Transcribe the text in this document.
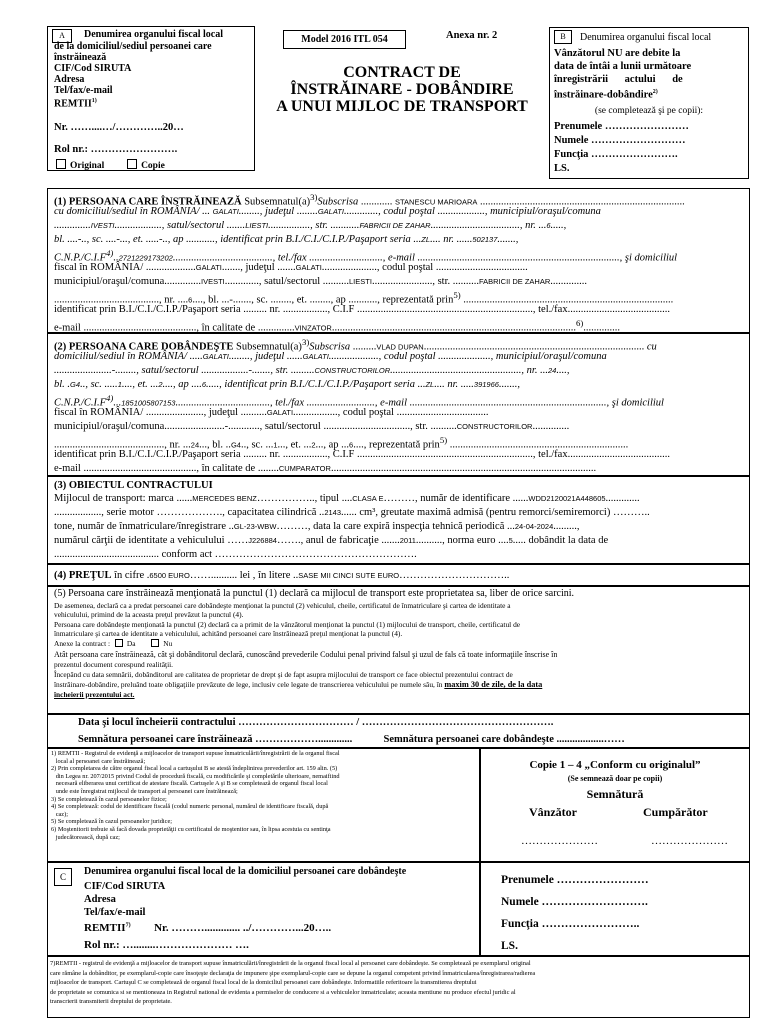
A	Denumirea organului fiscal local
de la domiciliul/sediul persoanei care
înstrăinează
CIF/Cod SIRUTA
Adresa
Tel/fax/e-mail
REMTII$^{1)}$
Nr. ……....…/…………..20…
Rol nr.: …………………….
Original	Copie
Model 2016 ITL 054	Anexa nr. 2
CONTRACT DE
ÎNSTRĂINARE - DOBÂNDIRE
A UNUI MIJLOC DE TRANSPORT
B	Denumirea organului fiscal local
Vânzătorul NU are debite la
data de întâi a lunii următoare
înregistrării actului de
înstrăinare-dobândire$^{2)}$
(se completează şi pe copii):
Prenumele ……………………
Numele ………………………
Funcţia …………………….
LS.
(1) PERSOANA CARE ÎNSTRĂINEAZĂ $Subsemnatul(a)^{3)}Subscrisa$ ............ STANESCU MARIOARA ..............................................................................
cu domiciliul/sediul în ROMÂNIA/ ... GALATI........, judeţul ........GALATI............., codul poştal .................., municipiul/oraşul/comuna
..............IVESTI.................., satul/sectorul .......LIESTI................, str. ...........FABRICII DE ZAHAR.................................., nr. ...6.....,
bl. ....-.., sc. ....-..., et. .....-.., ap ..........., identificat prin B.I./C.I./C.I.P./Paşaport seria ...ZL.... nr. ......502137.......,
$C.N.P./C.I.F^{4)}..2721229173202$......................................, tel./fax ............................, e-mail ............................................................................., şi domiciliul
fiscal în ROMÂNIA/ ...................GALATI......., judeţul .......GALATI....................., codul poştal ...................................
municipiul/oraşul/comuna..............IVESTI............., satul/sectorul ..........LIESTI......................., str. ..........FABRICII DE ZAHAR..............
........................................, nr. ....6...., bl. ...-......., sc. ........, et. ........, ap ..........., reprezentată prin$^{5)}$ ................................................................................
identificat prin B.I./C.I./C.I.P./Paşaport seria ......... nr. ................., C.I.F ..................................................................., tel./fax.......................................
e-mail ..........................................., în calitate de ..............VINZATOR.............................................................................................$^{6)}$..............
(2) PERSOANA CARE DOBÂNDEŞTE $Subsemnatul(a)^{3)}Subscrisa$ .........VLAD DUPAN.................................................................................... cu
domiciliul/sediul în ROMÂNIA/ .....GALATI........, judeţul ......GALATI..................., codul poştal ...................., municipiul/oraşul/comuna
......................-........, satul/sectorul ..................-......., str. .........CONSTRUCTORILOR.................................................., nr. ...24....,
bl. .G4.., sc. .....1...., et. ...2...., ap ....6....., identificat prin B.I./C.I./C.I.P./Paşaport seria ...ZL.... nr. .....391966.......,
$C.N.P./C.I.F^{4)}...1851005807153$...................................., tel./fax .........................., e-mail ..........................................................................., şi domiciliul
fiscal în ROMÂNIA/ ......................, judeţul ..........GALATI................., codul poştal ...................................
municipiul/oraşul/comuna.......................-............, satul/sectorul ................................., str. ..........CONSTRUCTORILOR..............
.........................................., nr. ...24..., bl. ..G4.., sc. ...1..., et. ...2..., ap ...6...., reprezentată prin$^{5)}$ ....................................................................
identificat prin B.I./C.I./C.I.P./Paşaport seria ......... nr. ................., C.I.F ..................................................................., tel./fax.......................................
e-mail ..........................................., în calitate de ........CUMPARATOR.....................................................................................................
(3) OBIECTUL CONTRACTULUI
Mijlocul de transport: marca ......MERCEDES BENZ…………….., tipul ....CLASA E………, număr de identificare ......WDD2120021A448605.............
.................., serie motor ………………., capacitatea cilindrică ..2143...... cm³, greutate maximă admisă (pentru remorci/semiremorci) ………..
tone, număr de înmatriculare/înregistrare ..GL-23-WBW………, data la care expiră inspecţia tehnică periodică ...24-04-2024.........,
numărul cărţii de identitate a vehiculului ……J226884……., anul de fabricaţie .......2011.........., norma euro ....5..... dobândit la data de
........................................ conform act ………………………………………………….
(4) PREŢUL în cifre .6500 EURO…….......... lei , în litere ..SASE MII CINCI SUTE EURO…………………………..
(5) Persoana care înstrăinează menţionată la punctul (1) declară ca mijlocul de transport este proprietatea sa, liber de orice sarcini.
De asemenea, declară ca a predat persoanei care dobândeşte menţionat la punctul (2) vehiculul, cheile, certificatul de înmatriculare şi cartea de identitate a
vehiculului, primind de la aceasta preţul prevăzut la punctul (4).
Persoana care dobândeşte menţionată la punctul (2) declară ca a primit de la vânzătorul menţionat la punctul (1) mijlocului de transport, cheile, certificatul de
înmatriculare şi cartea de identitate a vehiculului, achitând persoanei care înstrăinează preţul menţionat la punctul (4).
Anexe la contract : Da	Nu
Atât persoana care înstrăinează, cât şi dobânditorul declară, cunoscând prevederile Codului penal privind falsul şi uzul de fals că toate informaţiile înscrise în
prezentul document corespund realităţii.
Începând cu data semnării, dobânditorul are calitatea de proprietar de drept şi de fapt asupra mijlocului de transport ce face obiectul prezentului contract de
înstrăinare-dobândire, preluând toate obligaţiile prevăzute de lege, inclusiv cele legate de transcrierea vehiculului pe numele său, în maxim 30 de zile, de la data
încheierii prezentului act.
Data şi locul încheierii contractului …………………………… / ……………………………………………….
Semnătura persoanei care înstrăinează ……………….............	Semnătura persoanei care dobândeşte ..................……
1) REMTII - Registrul de evidenţă a mijloacelor de transport supuse înmatriculării/înregistrării de la organul fiscal
local al persoanei care înstrăinează;
2) Prin completarea de către organul fiscal local a cartuşului B se atestă îndeplinirea prevederilor art. 159 alin. (5)
din Legea nr. 207/2015 privind Codul de procedură fiscală, cu modificările şi completările ulterioare, nemaifiind
necesară eliberarea unui certificat de atestare fiscală. Cartuşele A şi B se completează de organul fiscal local
unde este înregistrat mijlocul de transport al persoanei care înstrăinează;
3) Se completează în cazul persoanelor fizice;
4) Se completează: codul de identificare fiscală (codul numeric personal, numărul de identificare fiscală, după
caz);
5) Se completează în cazul persoanelor juridice;
6) Moştenitorii trebuie să facă dovada proprietăţii cu certificatul de moştenitor sau, în lipsa acestuia cu sentinţa
judecătorească, după caz;
Copie 1 – 4 „Conform cu originalul”
(Se semnează doar pe copii)
Semnătură
Vânzător	Cumpărător
…………………	…………………
C	Denumirea organului fiscal local de la domiciliul persoanei care dobândeşte
CIF/Cod SIRUTA
Adresa
Tel/fax/e-mail
REMTII$^{7)}$ Nr. ………............. ../…………...20…..
Rol nr.: …........………………… ….
Prenumele ……………………
Numele ……………………….
Funcţia ……………………..
LS.
7)REMTII - registrul de evidenţă a mijloacelor de transport supuse înmatriculării/înregistrării de la organul fiscal local al persoanei care dobândeşte. Se completează pe exemplarul original
care rămâne la dobânditor, pe exemplarul-copie care însoţeşte declaraţia de impunere şipe exemplarul-copie care se depune la organul competent privind înmatricularea/înregistrarea/radierea
mijloacelor de transport. Cartuşul C se completează de organul fiscal local de la domiciliul persoanei care dobândeşte. Informatiile referitoare la transmiterea dreptului
de proprietate se comunica si se mentioneaza in Registrul national de evidenta a permiselor de conducere si a vehiculelor inmatriculate; aceasta mentiune nu produce efectul juridic al
transcrierii transmiterii dreptului de proprietate.
